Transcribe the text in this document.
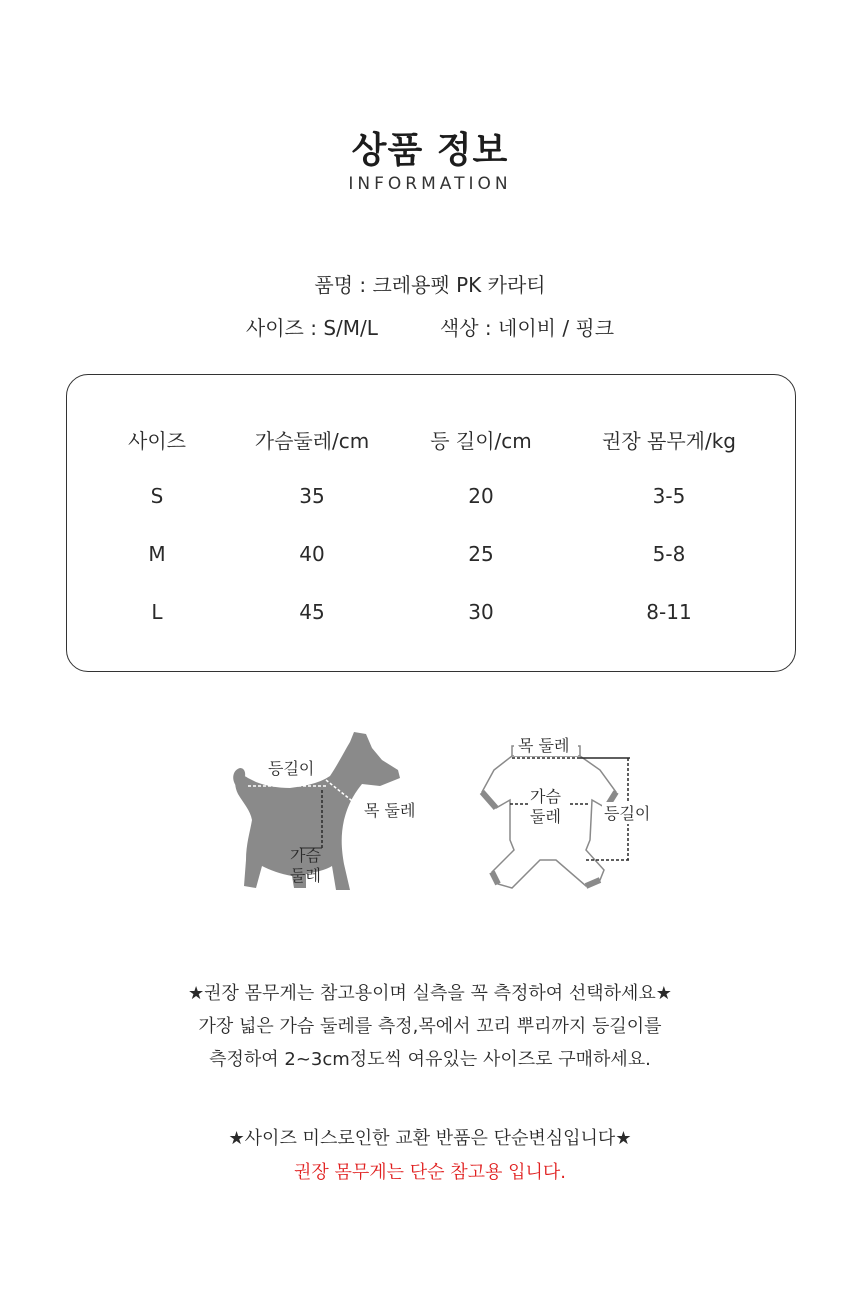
상품 정보
INFORMATION
품명 : 크레용펫 PK 카라티
사이즈 : S/M/L	색상 : 네이비 / 핑크
사이즈	가슴둘레/cm	등 길이/cm	권장 몸무게/kg
S	35	20	3-5
M	40	25	5-8
L	45	30	8-11
등길이
목 둘레
가슴
둘레
목 둘레
가슴
둘레	등길이
★권장 몸무게는 참고용이며 실측을 꼭 측정하여 선택하세요★
가장 넓은 가슴 둘레를 측정,목에서 꼬리 뿌리까지 등길이를
측정하여 2~3cm정도씩 여유있는 사이즈로 구매하세요.
★사이즈 미스로인한 교환 반품은 단순변심입니다★
권장 몸무게는 단순 참고용 입니다.
